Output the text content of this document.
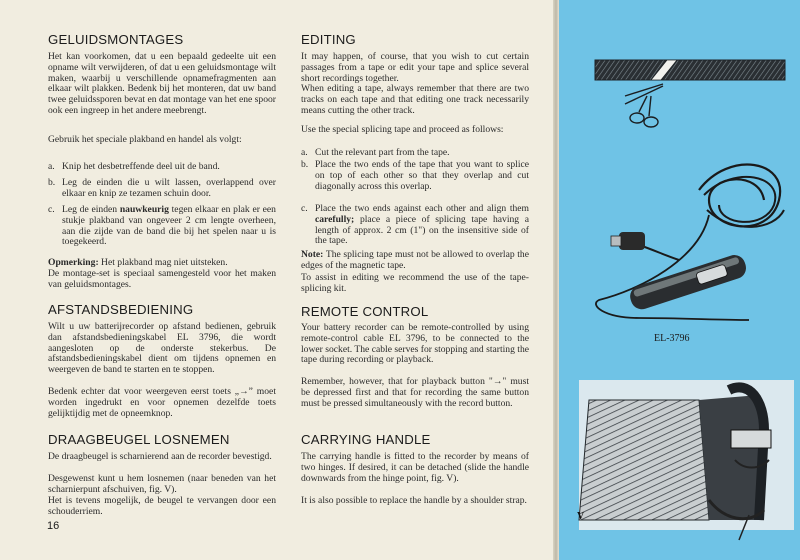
GELUIDSMONTAGES

Het kan voorkomen, dat u een bepaald gedeelte uit een opname wilt verwijderen, of dat u een geluidsmontage wilt maken, waarbij u verschillende opnamefragmenten aan elkaar wilt plakken. Bedenk bij het monteren, dat uw band twee geluidssporen bevat en dat montage van het ene spoor ook een ingreep in het andere meebrengt.

Gebruik het speciale plakband en handel als volgt:

a. Knip het desbetreffende deel uit de band.
b. Leg de einden die u wilt lassen, overlappend over elkaar en knip ze tezamen schuin door.
c. Leg de einden nauwkeurig tegen elkaar en plak er een stukje plakband van ongeveer 2 cm lengte overheen, aan die zijde van de band die bij het spelen naar u is toegekeerd.

Opmerking: Het plakband mag niet uitsteken.

De montage-set is speciaal samengesteld voor het maken van geluidsmontages.

AFSTANDSBEDIENING

Wilt u uw batterijrecorder op afstand bedienen, gebruik dan afstandsbedieningskabel EL 3796, die wordt aangesloten op de onderste stekerbus. De afstandsbedieningskabel dient om tijdens opnemen en weergeven de band te starten en te stoppen.

Bedenk echter dat voor weergeven eerst toets „→” moet worden ingedrukt en voor opnemen dezelfde toets gelijktijdig met de opneemknop.

DRAAGBEUGEL LOSNEMEN

De draagbeugel is scharnierend aan de recorder bevestigd.

Desgewenst kunt u hem losnemen (naar beneden van het scharnierpunt afschuiven, fig. V).

Het is tevens mogelijk, de beugel te vervangen door een schouderriem.

16
EDITING

It may happen, of course, that you wish to cut certain passages from a tape or edit your tape and splice several short recordings together.

When editing a tape, always remember that there are two tracks on each tape and that editing one track necessarily means cutting the other track.

Use the special splicing tape and proceed as follows:

a. Cut the relevant part from the tape.
b. Place the two ends of the tape that you want to splice on top of each other so that they overlap and cut diagonally across this overlap.
c. Place the two ends against each other and align them carefully; place a piece of splicing tape having a length of approx. 2 cm (1") on the insensitive side of the tape.

Note: The splicing tape must not be allowed to overlap the edges of the magnetic tape.

To assist in editing we recommend the use of the tape-splicing kit.

REMOTE CONTROL

Your battery recorder can be remote-controlled by using remote-control cable EL 3796, to be connected to the lower socket. The cable serves for stopping and starting the tape during recording or playback.

Remember, however, that for playback button "→" must be depressed first and that for recording the same button must be pressed simultaneously with the record button.

CARRYING HANDLE

The carrying handle is fitted to the recorder by means of two hinges. If desired, it can be detached (slide the handle downwards from the hinge point, fig. V).

It is also possible to replace the handle by a shoulder strap.

EL-3796
V
